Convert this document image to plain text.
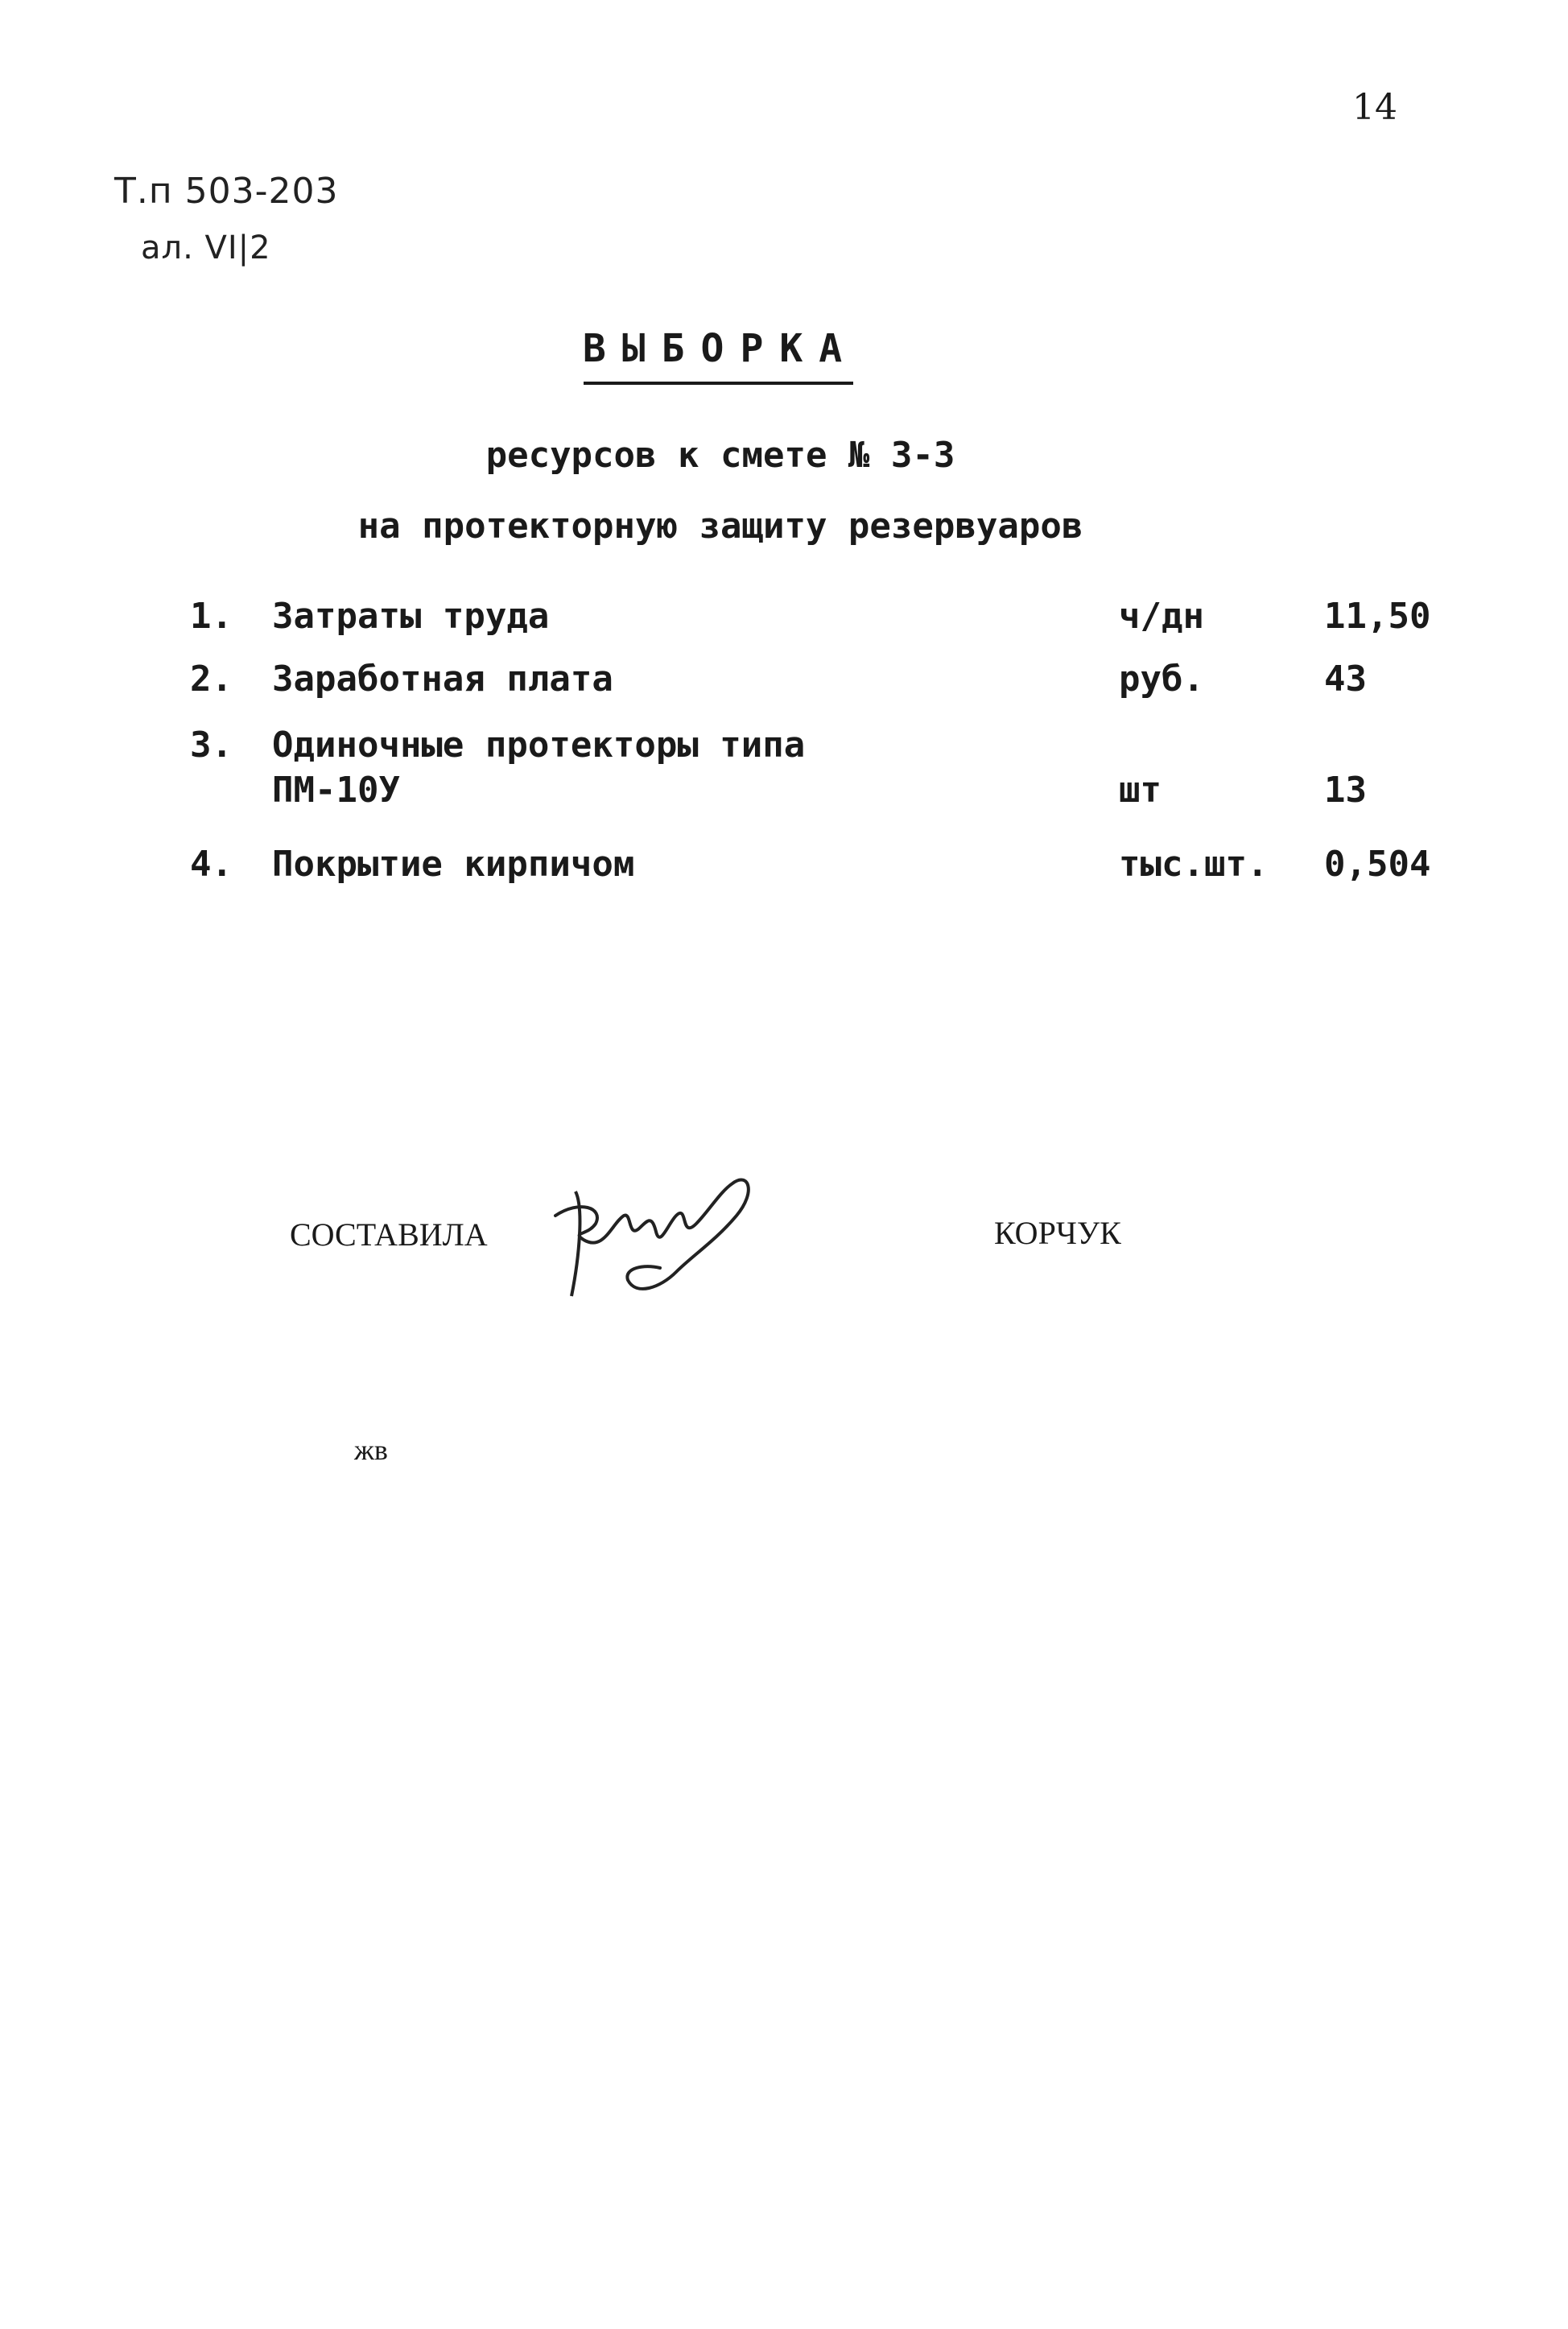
14
Т.п 503-203
ал. VI|2
ВЫБОРКА
ресурсов к смете № 3-3
на протекторную защиту резервуаров
1. Затраты труда	ч/дн	11,50
2. Заработная плата	руб.	43
3. Одиночные протекторы типа
ПМ-10У	шт	13
4. Покрытие кирпичом	тыс.шт. 0,504
СОСТАВИЛА	КОРЧУК
жв
